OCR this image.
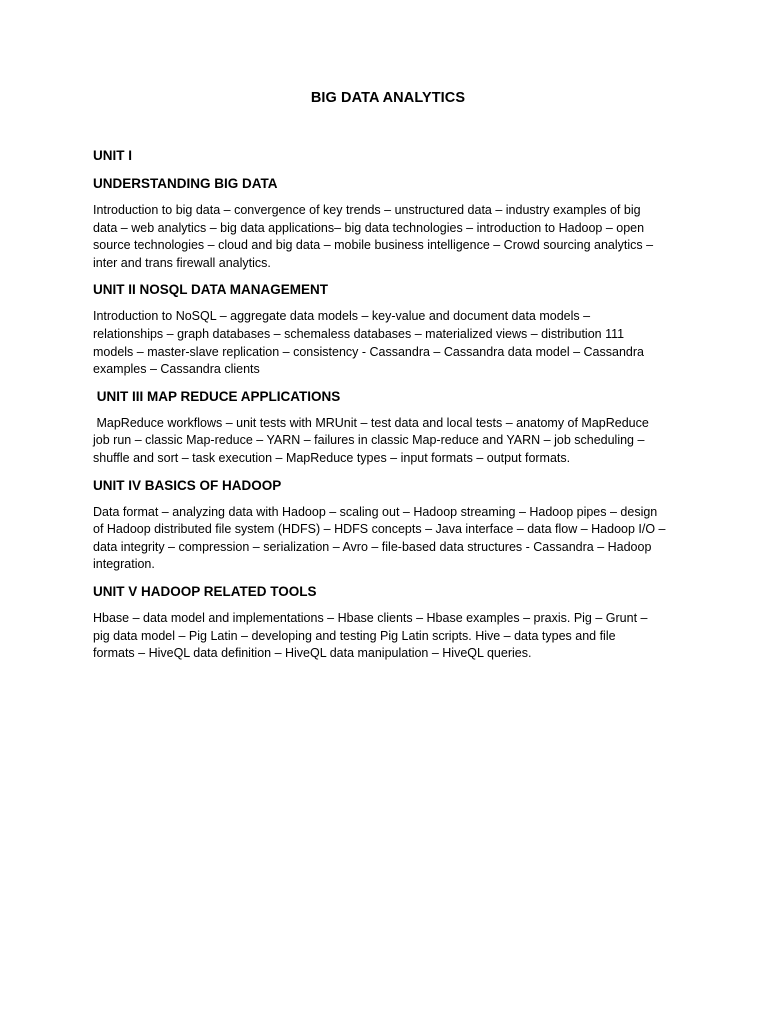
BIG DATA ANALYTICS
UNIT I
UNDERSTANDING BIG DATA
Introduction to big data – convergence of key trends – unstructured data – industry examples of big
data – web analytics – big data applications– big data technologies – introduction to Hadoop – open
source technologies – cloud and big data – mobile business intelligence – Crowd sourcing analytics –
inter and trans firewall analytics.
UNIT II NOSQL DATA MANAGEMENT
Introduction to NoSQL – aggregate data models – key-value and document data models –
relationships – graph databases – schemaless databases – materialized views – distribution 111
models – master-slave replication – consistency - Cassandra – Cassandra data model – Cassandra
examples – Cassandra clients
UNIT III MAP REDUCE APPLICATIONS
MapReduce workflows – unit tests with MRUnit – test data and local tests – anatomy of MapReduce
job run – classic Map-reduce – YARN – failures in classic Map-reduce and YARN – job scheduling –
shuffle and sort – task execution – MapReduce types – input formats – output formats.
UNIT IV BASICS OF HADOOP
Data format – analyzing data with Hadoop – scaling out – Hadoop streaming – Hadoop pipes – design
of Hadoop distributed file system (HDFS) – HDFS concepts – Java interface – data flow – Hadoop I/O –
data integrity – compression – serialization – Avro – file-based data structures - Cassandra – Hadoop
integration.
UNIT V HADOOP RELATED TOOLS
Hbase – data model and implementations – Hbase clients – Hbase examples – praxis. Pig – Grunt –
pig data model – Pig Latin – developing and testing Pig Latin scripts. Hive – data types and file
formats – HiveQL data definition – HiveQL data manipulation – HiveQL queries.
